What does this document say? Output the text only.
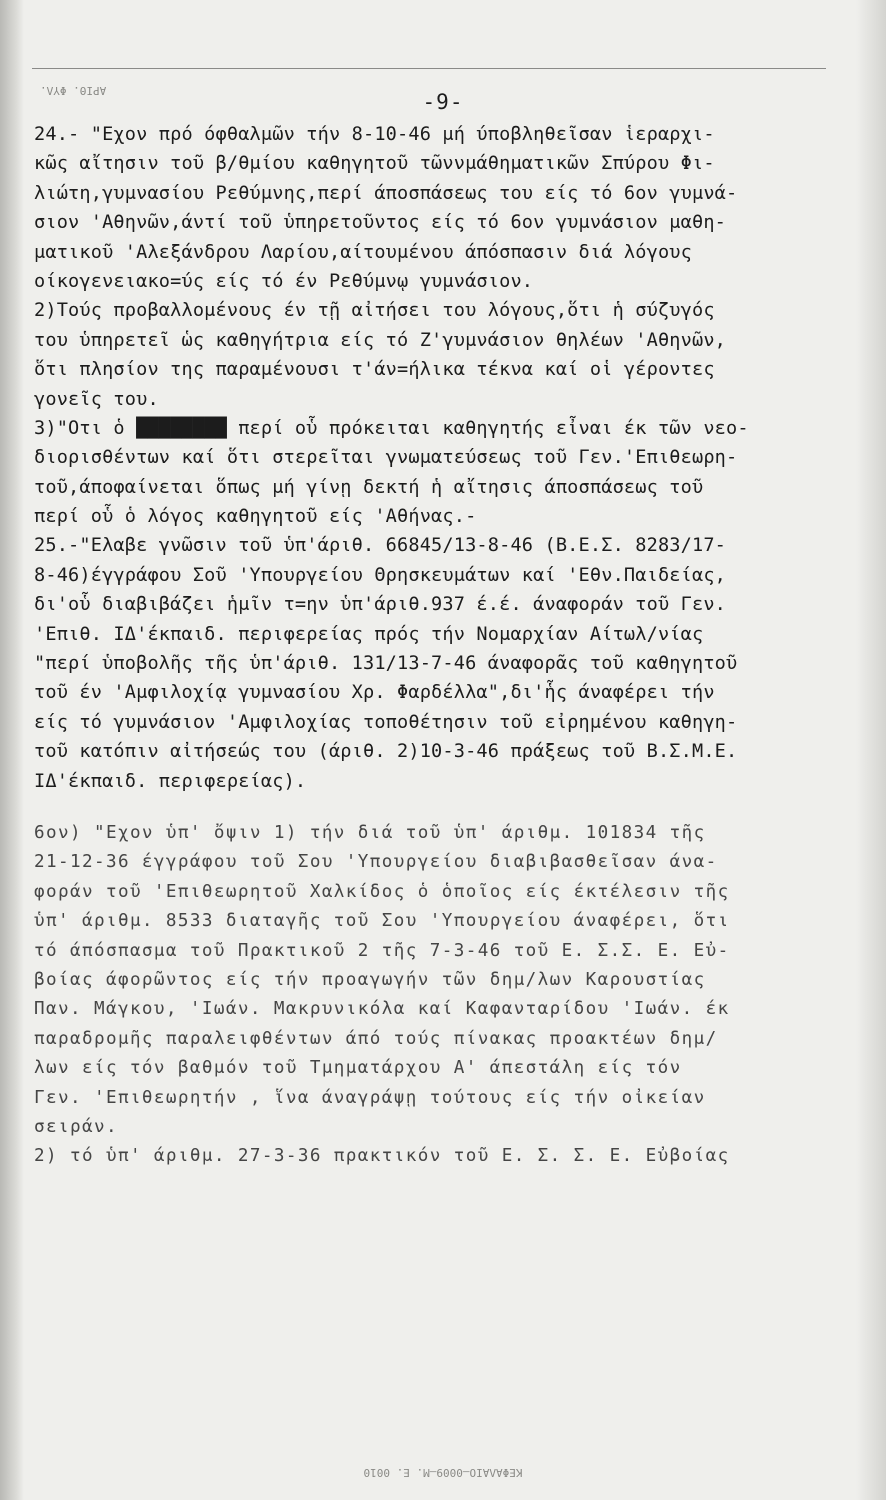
ΑΡΙΘ. ΦΥΛ.	-9-
24.- "Εχον πρό όφθαλμῶν τήν 8-10-46 μή ύποβληθεῖσαν ἱεραρχι-
κῶς αἴτησιν τοῦ β/θμίου καθηγητοῦ τῶννμάθηματικῶν Σπύρου Φι-
λιώτη,γυμνασίου Ρεθύμνης,περί άποσπάσεως του είς τό 6ον γυμνά-
σιον 'Αθηνῶν,άντί τοῦ ὑπηρετοῦντος είς τό 6ον γυμνάσιον μαθη-
ματικοῦ 'Αλεξάνδρου Λαρίου,αίτουμένου άπόσπασιν διά λόγους
οίκογενειακο=ύς είς τό έν Ρεθύμνῳ γυμνάσιον.
2)Τούς προβαλλομένους έν τῇ αἰτήσει του λόγους,ὅτι ἡ σύζυγός
του ὑπηρετεῖ ὡς καθηγήτρια είς τό Ζ'γυμνάσιον θηλέων 'Αθηνῶν,
ὅτι πλησίον της παραμένουσι τ'άν=ήλικα τέκνα καί οἱ γέροντες
γονεῖς του.
3)"Οτι ὁ ████████ περί οὗ πρόκειται καθηγητής εἶναι έκ τῶν νεο-
διορισθέντων καί ὅτι στερεῖται γνωματεύσεως τοῦ Γεν.'Επιθεωρη-
τοῦ,άποφαίνεται ὅπως μή γίνῃ δεκτή ἡ αἴτησις άποσπάσεως τοῦ
περί οὗ ὁ λόγος καθηγητοῦ είς 'Αθήνας.-
25.-"Ελαβε γνῶσιν τοῦ ὑπ'άριθ. 66845/13-8-46 (Β.Ε.Σ. 8283/17-
8-46)έγγράφου Σοῦ 'Υπουργείου Θρησκευμάτων καί 'Εθν.Παιδείας,
δι'οὗ διαβιβάζει ἡμῖν τ=ην ὑπ'άριθ.937 έ.έ. άναφοράν τοῦ Γεν.
'Επιθ. ΙΔ'έκπαιδ. περιφερείας πρός τήν Νομαρχίαν Αίτωλ/νίας
"περί ὑποβολῆς τῆς ὑπ'άριθ. 131/13-7-46 άναφορᾶς τοῦ καθηγητοῦ
τοῦ έν 'Αμφιλοχίᾳ γυμνασίου Χρ. Φαρδέλλα",δι'ἧς άναφέρει τήν
είς τό γυμνάσιον 'Αμφιλοχίας τοποθέτησιν τοῦ εἰρημένου καθηγη-
τοῦ κατόπιν αἰτήσεώς του (άριθ. 2)10-3-46 πράξεως τοῦ Β.Σ.Μ.Ε.
ΙΔ'έκπαιδ. περιφερείας).
6ον) "Εχον ὑπ' ὄψιν 1) τήν διά τοῦ ὑπ' άριθμ. 101834 τῆς
21-12-36 έγγράφου τοῦ Σου 'Υπουργείου διαβιβασθεῖσαν άνα-
φοράν τοῦ 'Επιθεωρητοῦ Χαλκίδος ὁ ὁποῖος είς έκτέλεσιν τῆς
ὑπ' άριθμ. 8533 διαταγῆς τοῦ Σου 'Υπουργείου άναφέρει, ὅτι
τό άπόσπασμα τοῦ Πρακτικοῦ 2 τῆς 7-3-46 τοῦ Ε. Σ.Σ. Ε. Εὐ-
βοίας άφορῶντος είς τήν προαγωγήν τῶν δημ/λων Καρουστίας
Παν. Μάγκου, 'Ιωάν. Μακρυνικόλα καί Καφανταρίδου 'Ιωάν. έκ
παραδρομῆς παραλειφθέντων άπό τούς πίνακας προακτέων δημ/
λων είς τόν βαθμόν τοῦ Τμηματάρχου Α' άπεστάλη είς τόν
Γεν. 'Επιθεωρητήν , ἵνα άναγράψῃ τούτους είς τήν οἰκείαν
σειράν.
2) τό ὑπ' άριθμ. 27-3-36 πρακτικόν τοῦ Ε. Σ. Σ. Ε. Εὐβοίας
ΚΕΦΑΛΑΙΟ—0009—M. Ε. 0010
